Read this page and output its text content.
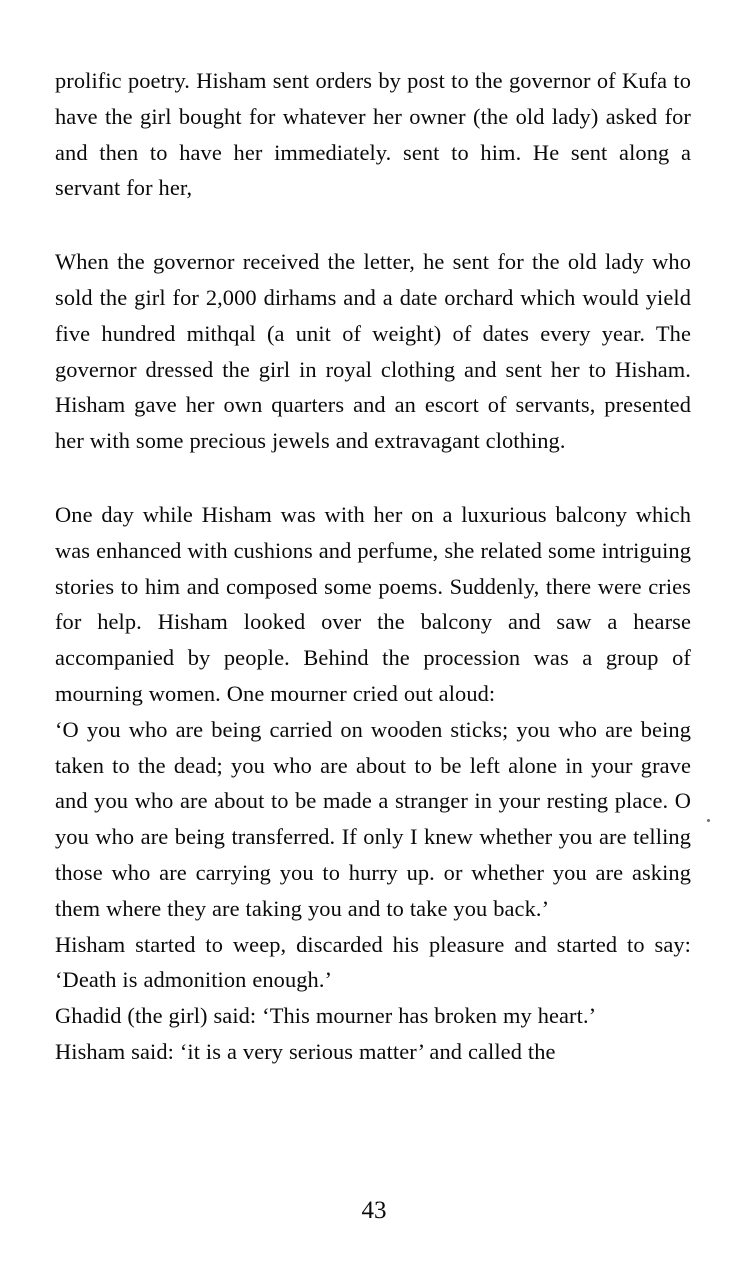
prolific poetry. Hisham sent orders by post to the governor of Kufa to have the girl bought for whatever her owner (the old lady) asked for and then to have her immediately. sent to him. He sent along a servant for her,

When the governor received the letter, he sent for the old lady who sold the girl for 2,000 dirhams and a date orchard which would yield five hundred mithqal (a unit of weight) of dates every year. The governor dressed the girl in royal clothing and sent her to Hisham. Hisham gave her own quarters and an escort of servants, presented her with some precious jewels and extravagant clothing.

One day while Hisham was with her on a luxurious balcony which was enhanced with cushions and perfume, she related some intriguing stories to him and composed some poems. Suddenly, there were cries for help. Hisham looked over the balcony and saw a hearse accompanied by people. Behind the procession was a group of mourning women. One mourner cried out aloud:

‘O you who are being carried on wooden sticks; you who are being taken to the dead; you who are about to be left alone in your grave and you who are about to be made a stranger in your resting place. O you who are being transferred. If only I knew whether you are telling those who are carrying you to hurry up. or whether you are asking them where they are taking you and to take you back.’

Hisham started to weep, discarded his pleasure and started to say: ‘Death is admonition enough.’

Ghadid (the girl) said: ‘This mourner has broken my heart.’

Hisham said: ‘it is a very serious matter’ and called the

43
